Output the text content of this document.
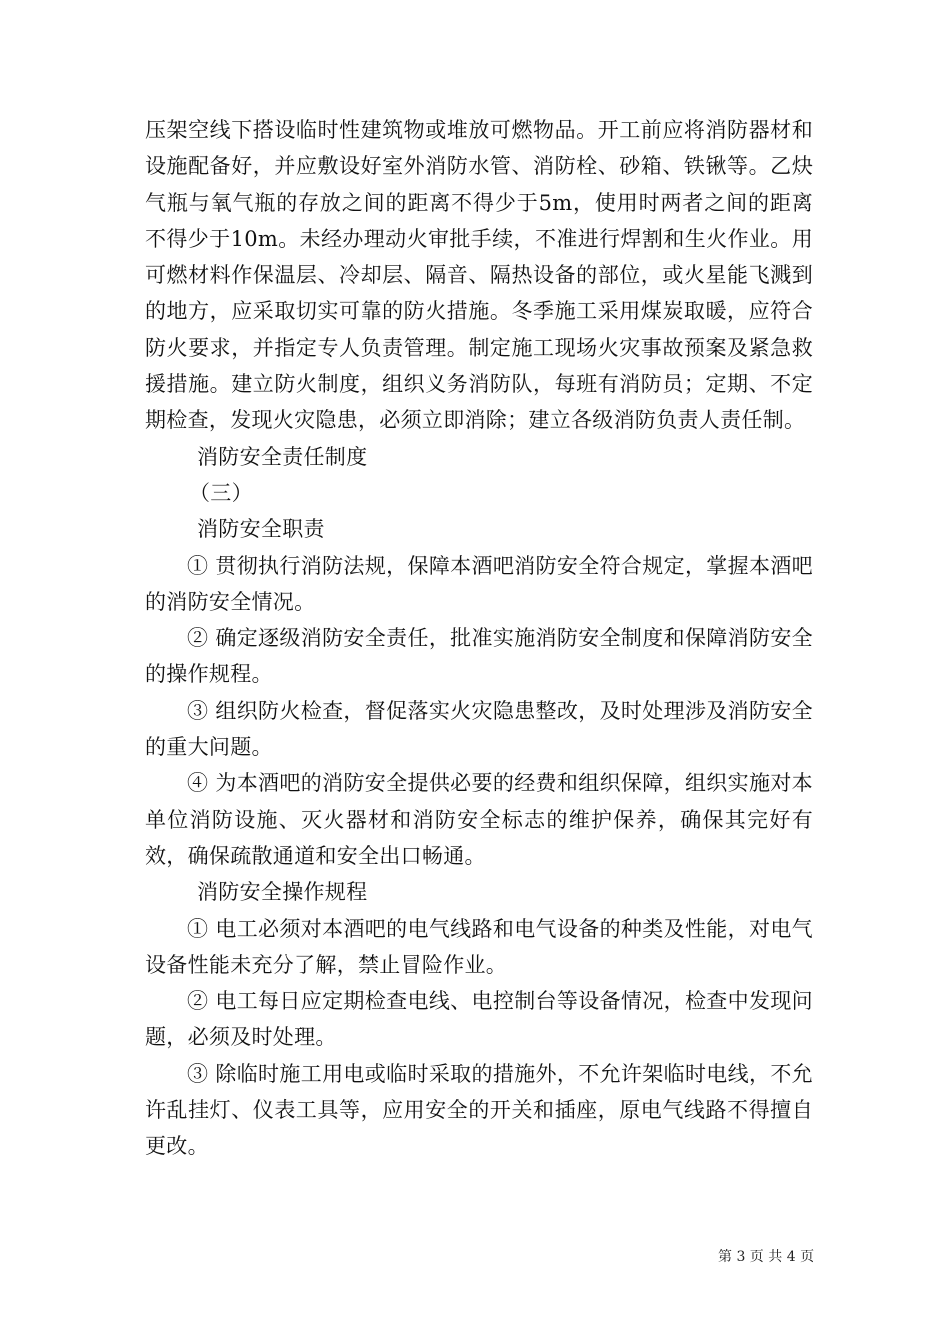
压架空线下搭设临时性建筑物或堆放可燃物品。开工前应将消防器材和设施配备好，并应敷设好室外消防水管、消防栓、砂箱、铁锹等。乙炔气瓶与氧气瓶的存放之间的距离不得少于5m，使用时两者之间的距离不得少于10m。未经办理动火审批手续，不准进行焊割和生火作业。用可燃材料作保温层、冷却层、隔音、隔热设备的部位，或火星能飞溅到的地方，应采取切实可靠的防火措施。冬季施工采用煤炭取暖，应符合防火要求，并指定专人负责管理。制定施工现场火灾事故预案及紧急救援措施。建立防火制度，组织义务消防队，每班有消防员；定期、不定期检查，发现火灾隐患，必须立即消除；建立各级消防负责人责任制。

消防安全责任制度

（三）

消防安全职责

① 贯彻执行消防法规，保障本酒吧消防安全符合规定，掌握本酒吧的消防安全情况。

② 确定逐级消防安全责任，批准实施消防安全制度和保障消防安全的操作规程。

③ 组织防火检查，督促落实火灾隐患整改，及时处理涉及消防安全的重大问题。

④ 为本酒吧的消防安全提供必要的经费和组织保障，组织实施对本单位消防设施、灭火器材和消防安全标志的维护保养，确保其完好有效，确保疏散通道和安全出口畅通。

消防安全操作规程

① 电工必须对本酒吧的电气线路和电气设备的种类及性能，对电气设备性能未充分了解，禁止冒险作业。

② 电工每日应定期检查电线、电控制台等设备情况，检查中发现问题，必须及时处理。

③ 除临时施工用电或临时采取的措施外，不允许架临时电线，不允许乱挂灯、仪表工具等，应用安全的开关和插座，原电气线路不得擅自更改。

第 3 页 共 4 页
